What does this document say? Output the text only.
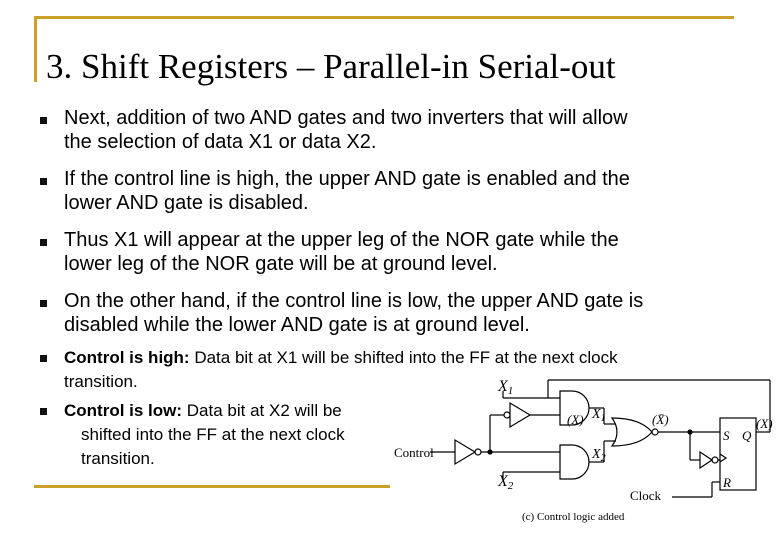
3. Shift Registers – Parallel-in Serial-out
Next, addition of two AND gates and two inverters that will allow
the selection of data X1 or data X2.
If the control line is high, the upper AND gate is enabled and the
lower AND gate is disabled.
Thus X1 will appear at the upper leg of the NOR gate while the
lower leg of the NOR gate will be at ground level.
On the other hand, if the control line is low, the upper AND gate is
disabled while the lower AND gate is at ground level.
Control is high: Data bit at X1 will be shifted into the FF at the next clock
transition.
Control is low: Data bit at X2 will be
shifted into the FF at the next clock
transition.
X1
$X_1$
(X)
$X_2$
X2
(X̄)
Control
Clock
S Q
R
(X)
(c) Control logic added
